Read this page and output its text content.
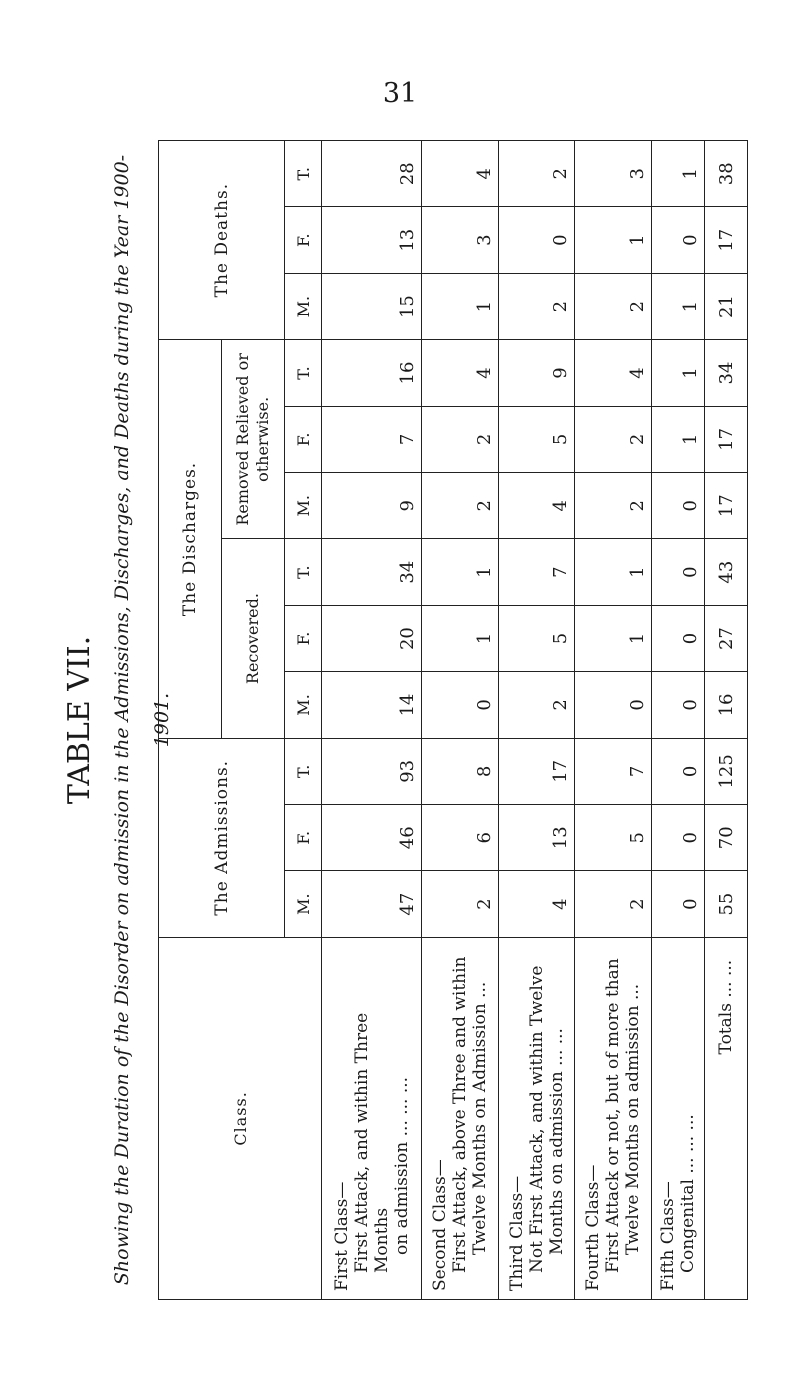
31
TABLE VII. Showing the Duration of the Disorder on admission in the Admissions, Discharges, and Deaths during the Year 1900-1901.
Class.	The Admissions.			The Discharges.						The Deaths.		
				Recovered.			Removed Relieved or otherwise.					
	M.	F.	T.	M.	F.	T.	M.	F.	T.	M.	F.	T.

First Class— First Attack, and within Three Months on admission ... ... ...	47	46	93	14	20	34	9	7	16	15	13	28

Second Class— First Attack, above Three and within Twelve Months on Admission ...	2	6	8	0	1	1	2	2	4	1	3	4

Third Class— Not First Attack, and within Twelve Months on admission ... ...	4	13	17	2	5	7	4	5	9	2	0	2

Fourth Class— First Attack or not, but of more than Twelve Months on admission ...	2	5	7	0	1	1	2	2	4	2	1	3

Fifth Class— Congenital ... ... ...	0	0	0	0	0	0	0	1	1	1	0	1
Totals ... ...	55	70	125	16	27	43	17	17	34	21	17	38
